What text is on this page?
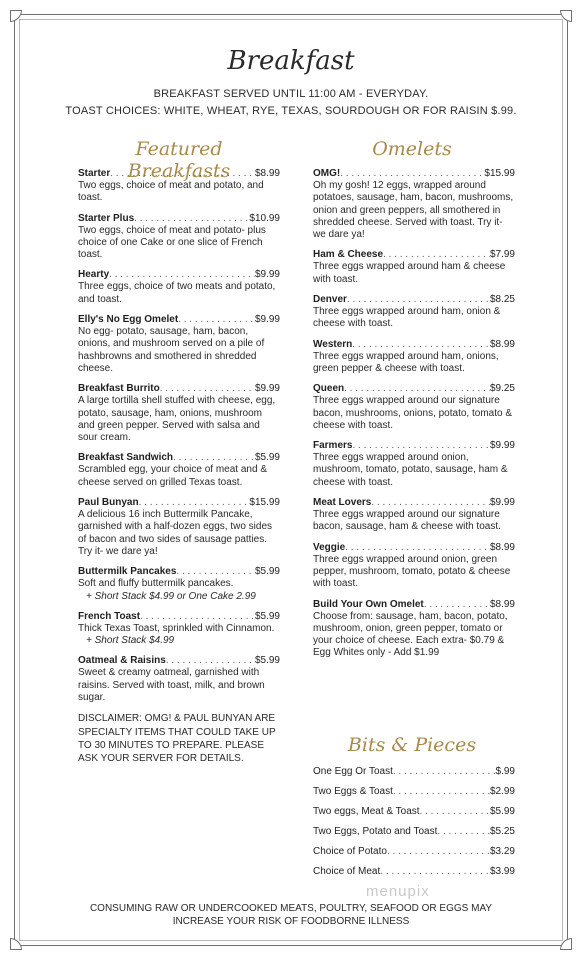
Breakfast
BREAKFAST SERVED UNTIL 11:00 AM - EVERYDAY.
TOAST CHOICES: WHITE, WHEAT, RYE, TEXAS, SOURDOUGH OR FOR RAISIN $.99.
Featured Breakfasts
Omelets
Starter . . .	$8.99
Two eggs, choice of meat and potato, and toast.
Starter Plus . . .	$10.99
Two eggs, choice of meat and potato- plus choice of one Cake or one slice of French toast.
Hearty . . .	$9.99
Three eggs, choice of two meats and potato, and toast.
Elly's No Egg Omelet . . .	$9.99
No egg- potato, sausage, ham, bacon, onions, and mushroom served on a pile of hashbrowns and smothered in shredded cheese.
Breakfast Burrito . . .	$9.99
A large tortilla shell stuffed with cheese, egg, potato, sausage, ham, onions, mushroom and green pepper. Served with salsa and sour cream.
Breakfast Sandwich . . .	$5.99
Scrambled egg, your choice of meat and & cheese served on grilled Texas toast.
Paul Bunyan . . .	$15.99
A delicious 16 inch Buttermilk Pancake, garnished with a half-dozen eggs, two sides of bacon and two sides of sausage patties. Try it- we dare ya!
Buttermilk Pancakes . . .	$5.99
Soft and fluffy buttermilk pancakes.
+ Short Stack $4.99 or One Cake 2.99
French Toast . . .	$5.99
Thick Texas Toast, sprinkled with Cinnamon.
+ Short Stack $4.99
Oatmeal & Raisins . . .	$5.99
Sweet & creamy oatmeal, garnished with raisins. Served with toast, milk, and brown sugar.
DISCLAIMER: OMG! & PAUL BUNYAN ARE SPECIALTY ITEMS THAT COULD TAKE UP TO 30 MINUTES TO PREPARE. PLEASE ASK YOUR SERVER FOR DETAILS.
OMG! . . .	$15.99
Oh my gosh! 12 eggs, wrapped around potatoes, sausage, ham, bacon, mushrooms, onion and green peppers, all smothered in shredded cheese. Served with toast. Try it- we dare ya!
Ham & Cheese . . .	$7.99
Three eggs wrapped around ham & cheese with toast.
Denver . . .	$8.25
Three eggs wrapped around ham, onion & cheese with toast.
Western . . .	$8.99
Three eggs wrapped around ham, onions, green pepper & cheese with toast.
Queen . . .	$9.25
Three eggs wrapped around our signature bacon, mushrooms, onions, potato, tomato & cheese with toast.
Farmers . . .	$9.99
Three eggs wrapped around onion, mushroom, tomato, potato, sausage, ham & cheese with toast.
Meat Lovers . . .	$9.99
Three eggs wrapped around our signature bacon, sausage, ham & cheese with toast.
Veggie . . .	$8.99
Three eggs wrapped around onion, green pepper, mushroom, tomato, potato & cheese with toast.
Build Your Own Omelet . . .	$8.99
Choose from: sausage, ham, bacon, potato, mushroom, onion, green pepper, tomato or your choice of cheese. Each extra- $0.79 & Egg Whites only - Add $1.99
Bits & Pieces
One Egg Or Toast . . .	$.99
Two Eggs & Toast . . .	$2.99
Two eggs, Meat & Toast . . .	$5.99
Two Eggs, Potato and Toast . . .	$5.25
Choice of Potato . . .	$3.29
Choice of Meat . . .	$3.99
menupix
CONSUMING RAW OR UNDERCOOKED MEATS, POULTRY, SEAFOOD OR EGGS MAY
INCREASE YOUR RISK OF FOODBORNE ILLNESS
